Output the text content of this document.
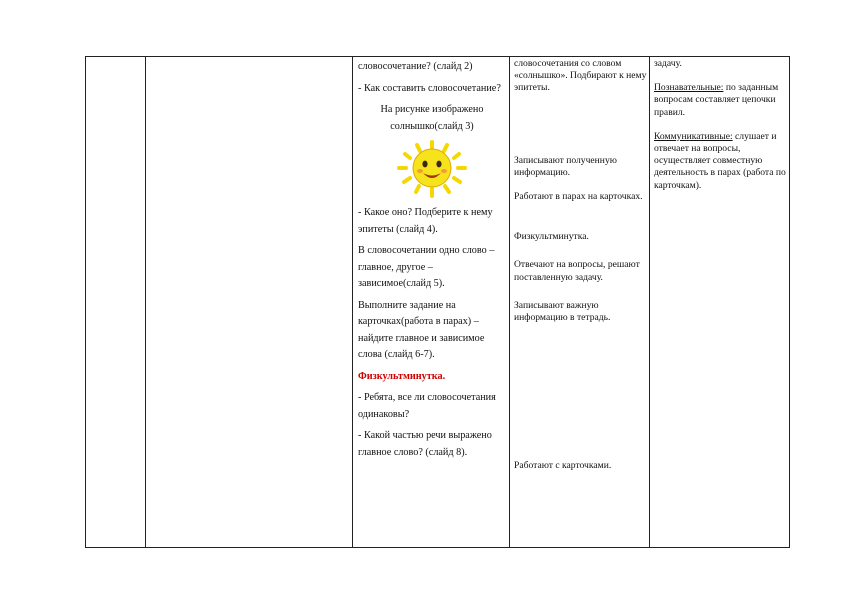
словосочетание? (слайд 2)

- Как составить словосочетание?

На рисунке изображено солнышко(слайд 3)

- Какое оно? Подберите к нему эпитеты (слайд 4).

В словосочетании одно слово – главное, другое – зависимое(слайд 5).

Выполните задание на карточках(работа в парах) – найдите главное и зависимое слова (слайд 6-7).

Физкультминутка.

- Ребята, все ли словосочетания одинаковы?

- Какой частью речи выражено главное слово? (слайд 8).

словосочетания со словом «солнышко». Подбирают к нему эпитеты.

Записывают полученную информацию.

Работают в парах на карточках.

Физкультминутка.

Отвечают на вопросы, решают поставленную задачу.

Записывают важную информацию в тетрадь.

Работают с карточками.

задачу.

Познавательные: по заданным вопросам составляет цепочки правил.

Коммуникативные: слушает и отвечает на вопросы, осуществляет совместную деятельность в парах (работа по карточкам).
